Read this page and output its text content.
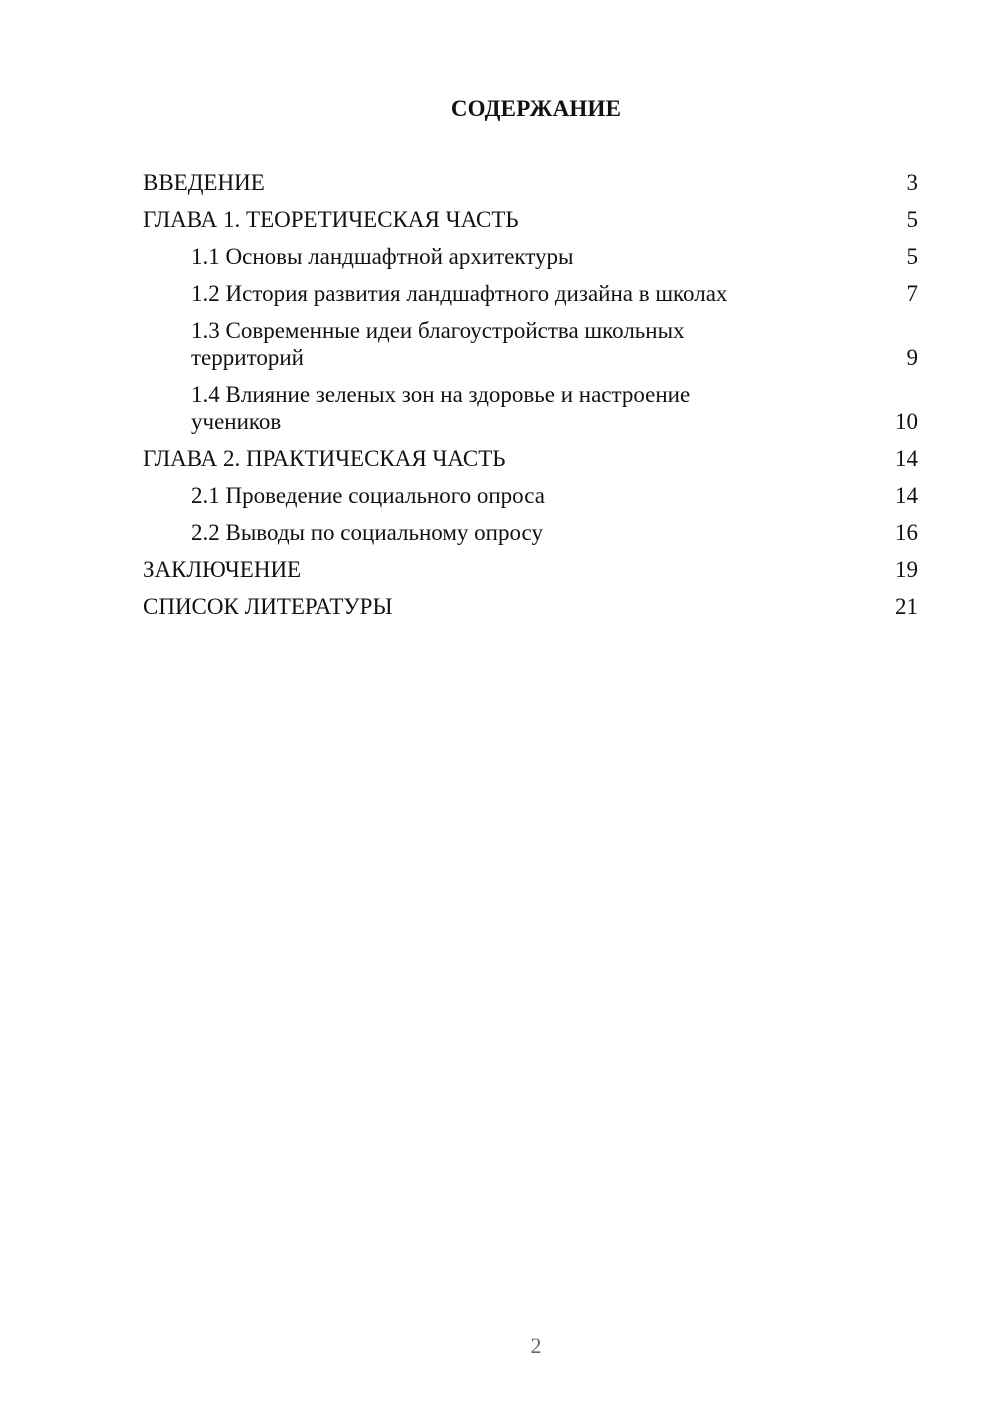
СОДЕРЖАНИЕ
ВВЕДЕНИЕ	3
ГЛАВА 1. ТЕОРЕТИЧЕСКАЯ ЧАСТЬ	5
1.1 Основы ландшафтной архитектуры	5
1.2 История развития ландшафтного дизайна в школах	7
1.3 Современные идеи благоустройства школьных территорий	9
1.4 Влияние зеленых зон на здоровье и настроение учеников	10
ГЛАВА 2. ПРАКТИЧЕСКАЯ ЧАСТЬ	14
2.1 Проведение социального опроса	14
2.2 Выводы по социальному опросу	16
ЗАКЛЮЧЕНИЕ	19
СПИСОК ЛИТЕРАТУРЫ	21
2
